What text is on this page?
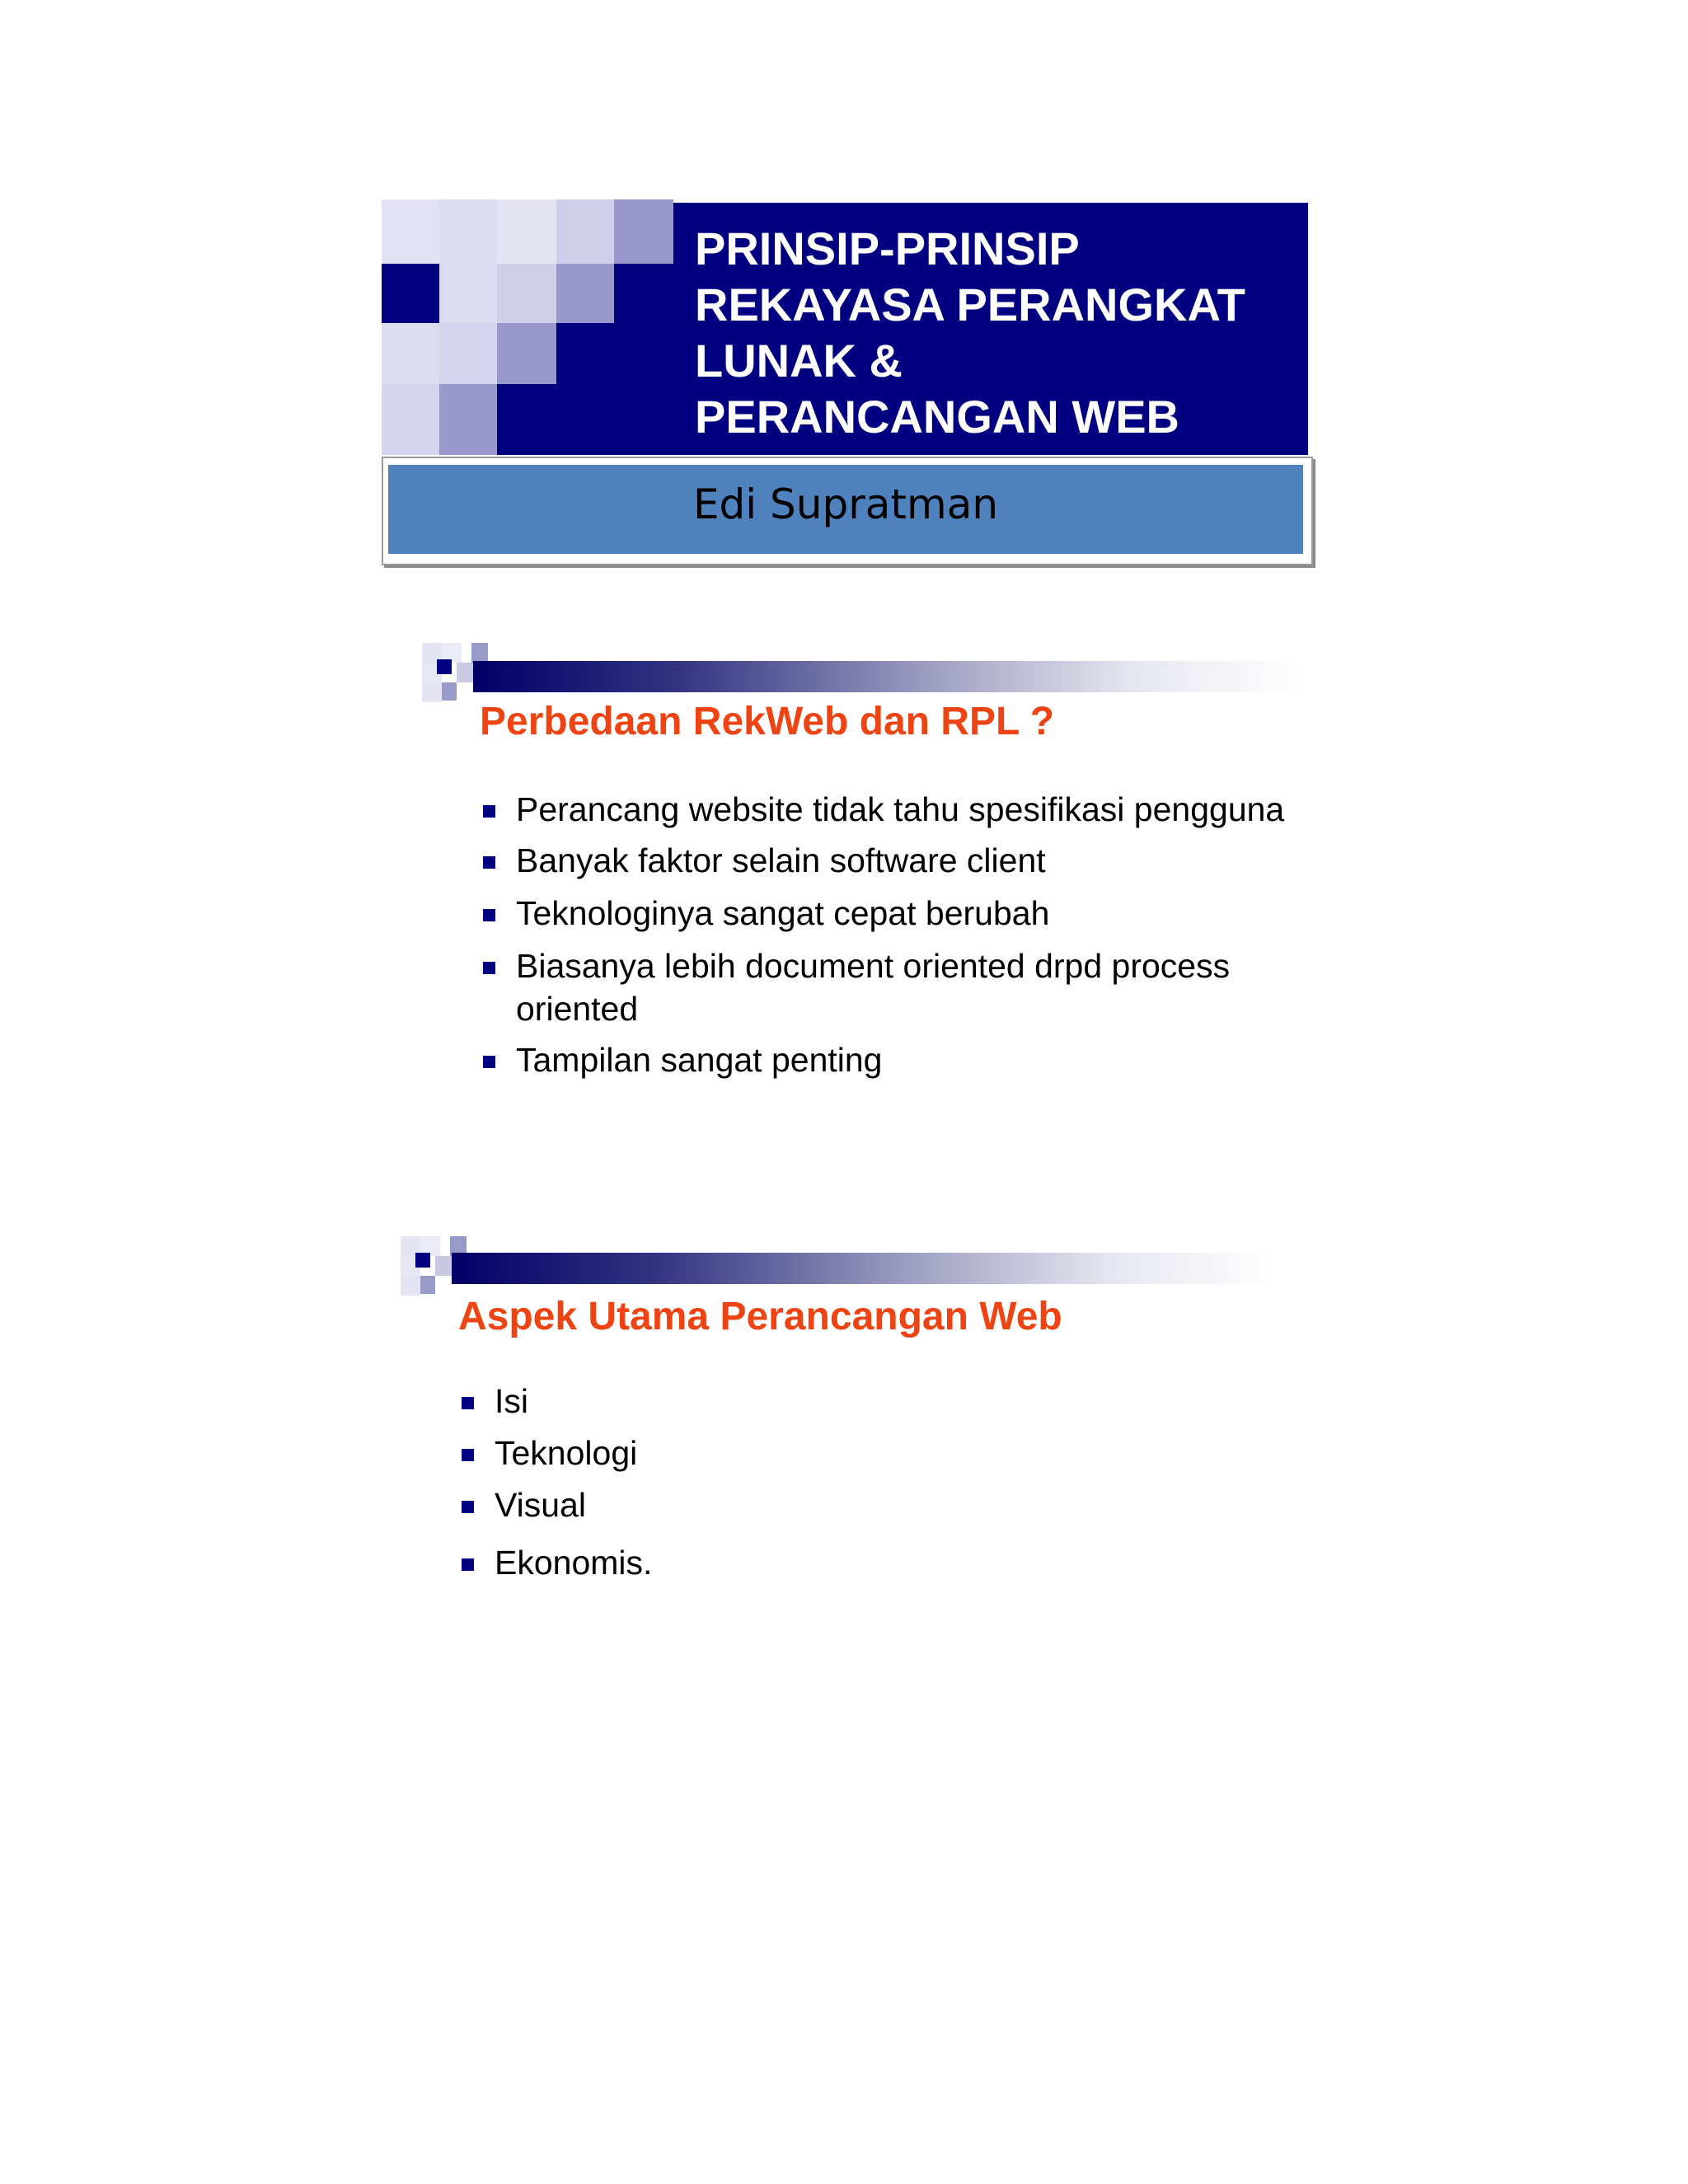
PRINSIP-PRINSIP
REKAYASA PERANGKAT
LUNAK &
PERANCANGAN WEB
Edi Supratman
Perbedaan RekWeb dan RPL ?
Perancang website tidak tahu spesifikasi pengguna
Banyak faktor selain software client
Teknologinya sangat cepat berubah
Biasanya lebih document oriented drpd process oriented
Tampilan sangat penting
Aspek Utama Perancangan Web
Isi
Teknologi
Visual
Ekonomis.
